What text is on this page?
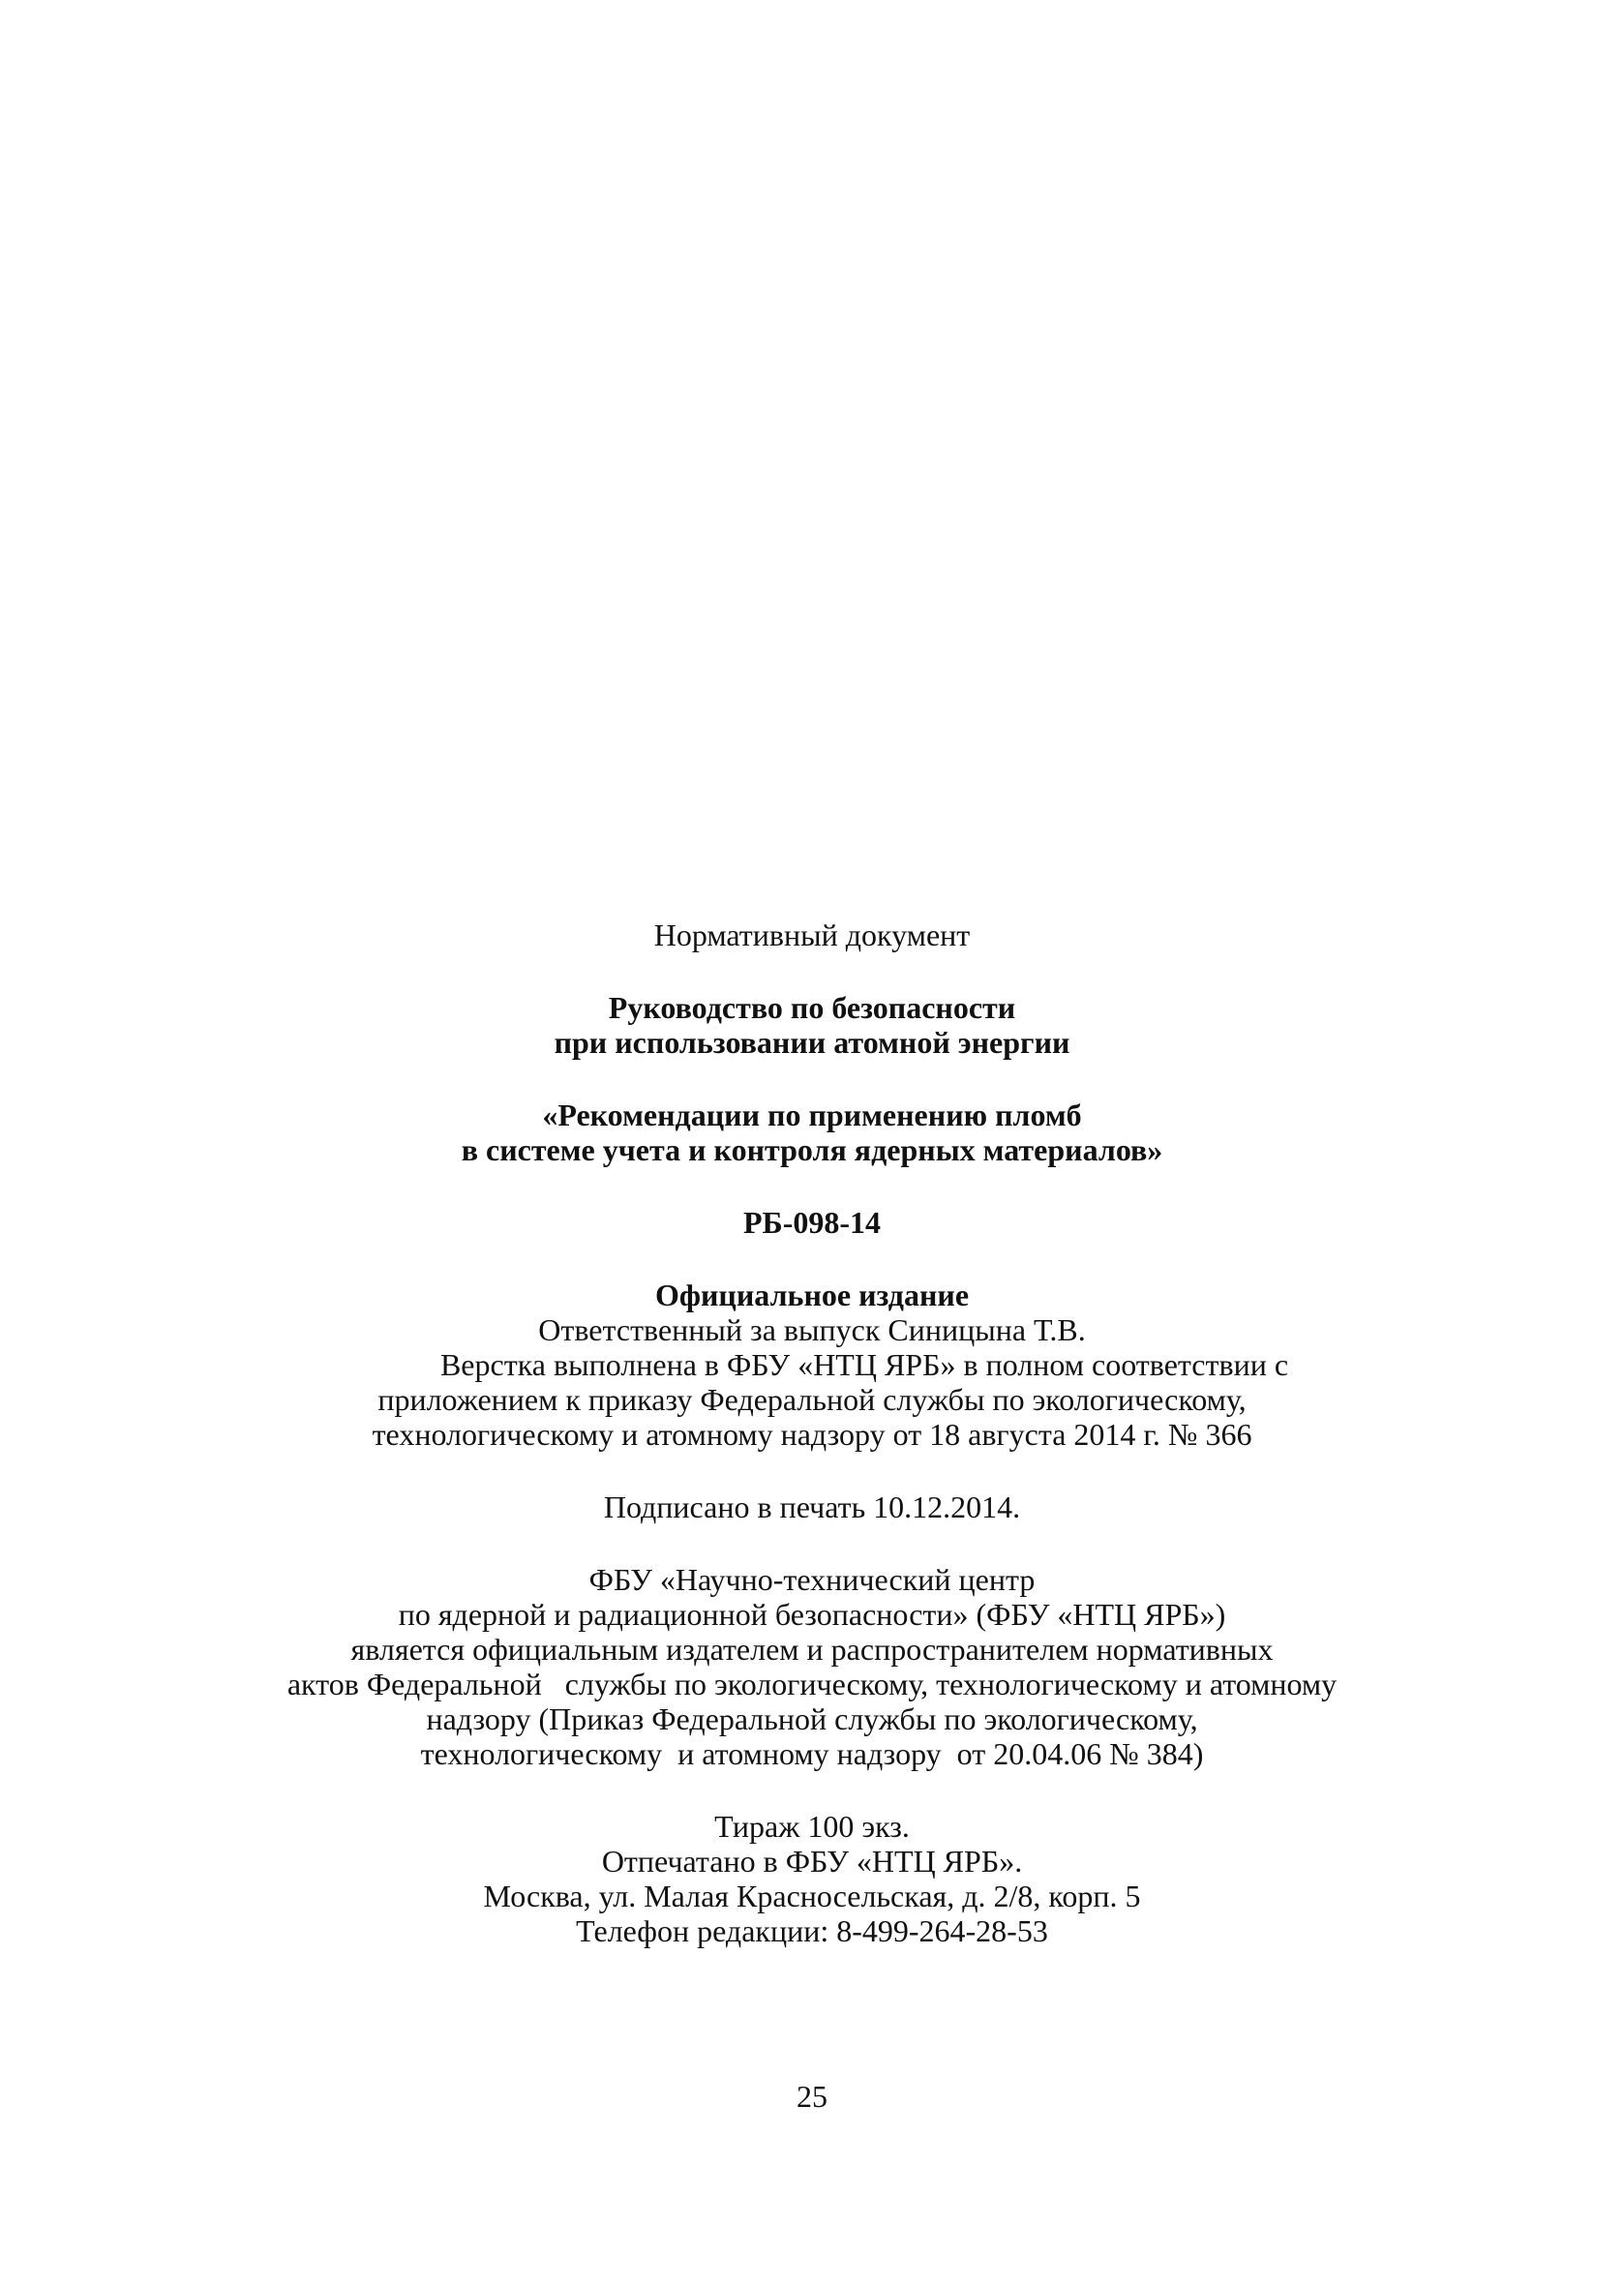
Нормативный документ

Руководство по безопасности

при использовании атомной энергии

«Рекомендации по применению пломб

в системе учета и контроля ядерных материалов»

РБ-098-14

Официальное издание

Ответственный за выпуск Синицына Т.В.

Верстка выполнена в ФБУ «НТЦ ЯРБ» в полном соответствии с

приложением к приказу Федеральной службы по экологическому,

технологическому и атомному надзору от 18 августа 2014 г. № 366

Подписано в печать 10.12.2014.

ФБУ «Научно-технический центр

по ядерной и радиационной безопасности» (ФБУ «НТЦ ЯРБ»)

является официальным издателем и распространителем нормативных

актов Федеральной   службы по экологическому, технологическому и атомному

надзору (Приказ Федеральной службы по экологическому,

технологическому  и атомному надзору  от 20.04.06 № 384)

Тираж 100 экз.

Отпечатано в ФБУ «НТЦ ЯРБ».

Москва, ул. Малая Красносельская, д. 2/8, корп. 5

Телефон редакции: 8-499-264-28-53

25
